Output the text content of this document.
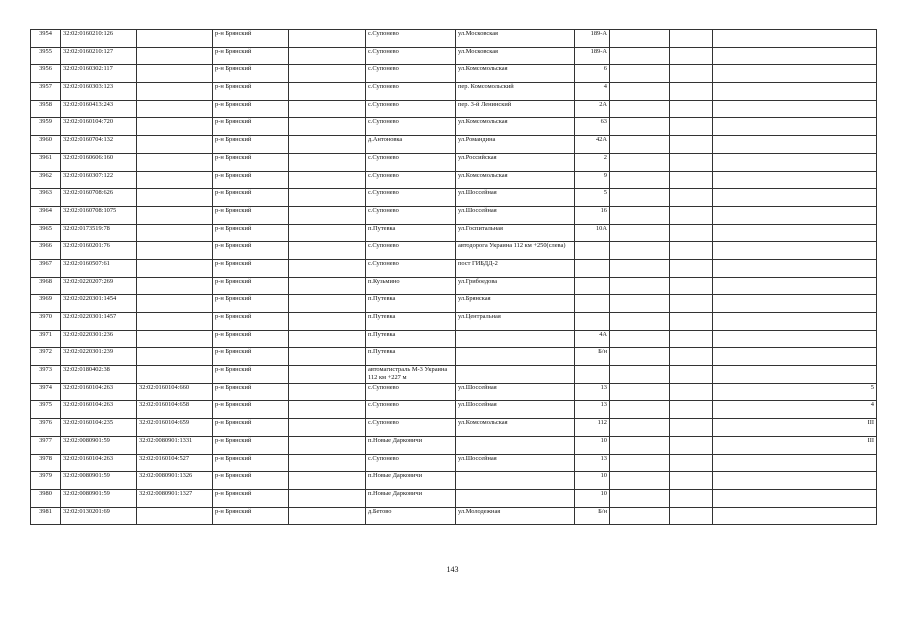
3954	32:02:0160210:126		р-н Брянский		с.Супонево	ул.Московская	189-А			
3955	32:02:0160210:127		р-н Брянский		с.Супонево	ул.Московская	189-А			
3956	32:02:0160302:117		р-н Брянский		с.Супонево	ул.Комсомольская	6			
3957	32:02:0160303:123		р-н Брянский		с.Супонево	пер. Комсомольский	4			
3958	32:02:0160413:243		р-н Брянский		с.Супонево	пер. 3-й Ленинский	2А			
3959	32:02:0160104:720		р-н Брянский		с.Супонево	ул.Комсомольская	63			
3960	32:02:0160704:132		р-н Брянский		д.Антоновка	ул.Романдина	42А			
3961	32:02:0160606:160		р-н Брянский		с.Супонево	ул.Российская	2			
3962	32:02:0160307:122		р-н Брянский		с.Супонево	ул.Комсомольская	9			
3963	32:02:0160708:626		р-н Брянский		с.Супонево	ул.Шоссейная	5			
3964	32:02:0160708:1075		р-н Брянский		с.Супонево	ул.Шоссейная	16			
3965	32:02:0173519:78		р-н Брянский		п.Путевка	ул.Госпитальная	10А			
3966	32:02:0160201:76		р-н Брянский		с.Супонево	автодорога Украина 112 км +250(слева)				
3967	32:02:0160507:61		р-н Брянский		с.Супонево	пост ГИБДД-2				
3968	32:02:0220207:269		р-н Брянский		п.Кузьмино	ул.Грибоедова				
3969	32:02:0220301:1454		р-н Брянский		п.Путевка	ул.Брянская				
3970	32:02:0220301:1457		р-н Брянский		п.Путевка	ул.Центральная				
3971	32:02:0220301:236		р-н Брянский		п.Путевка		4А			
3972	32:02:0220301:239		р-н Брянский		п.Путевка		Б/н			
3973	32:02:0180402:38		р-н Брянский		автомагистраль М-3 Украина 112 км +227 м					
3974	32:02:0160104:263	32:02:0160104:660	р-н Брянский		с.Супонево	ул.Шоссейная	13			5
3975	32:02:0160104:263	32:02:0160104:658	р-н Брянский		с.Супонево	ул.Шоссейная	13			4
3976	32:02:0160104:235	32:02:0160104:659	р-н Брянский		с.Супонево	ул.Комсомольская	112			III
3977	32:02:0080901:59	32:02:0080901:1331	р-н Брянский		п.Новые Дарковичи		10			III
3978	32:02:0160104:263	32:02:0160104:527	р-н Брянский		с.Супонево	ул.Шоссейная	13			
3979	32:02:0080901:59	32:02:0080901:1326	р-н Брянский		п.Новые Дарковичи		10			
3980	32:02:0080901:59	32:02:0080901:1327	р-н Брянский		п.Новые Дарковичи		10			
3981	32:02:0130201:69		р-н Брянский		д.Бетово	ул.Молодежная	Б/н			
143
